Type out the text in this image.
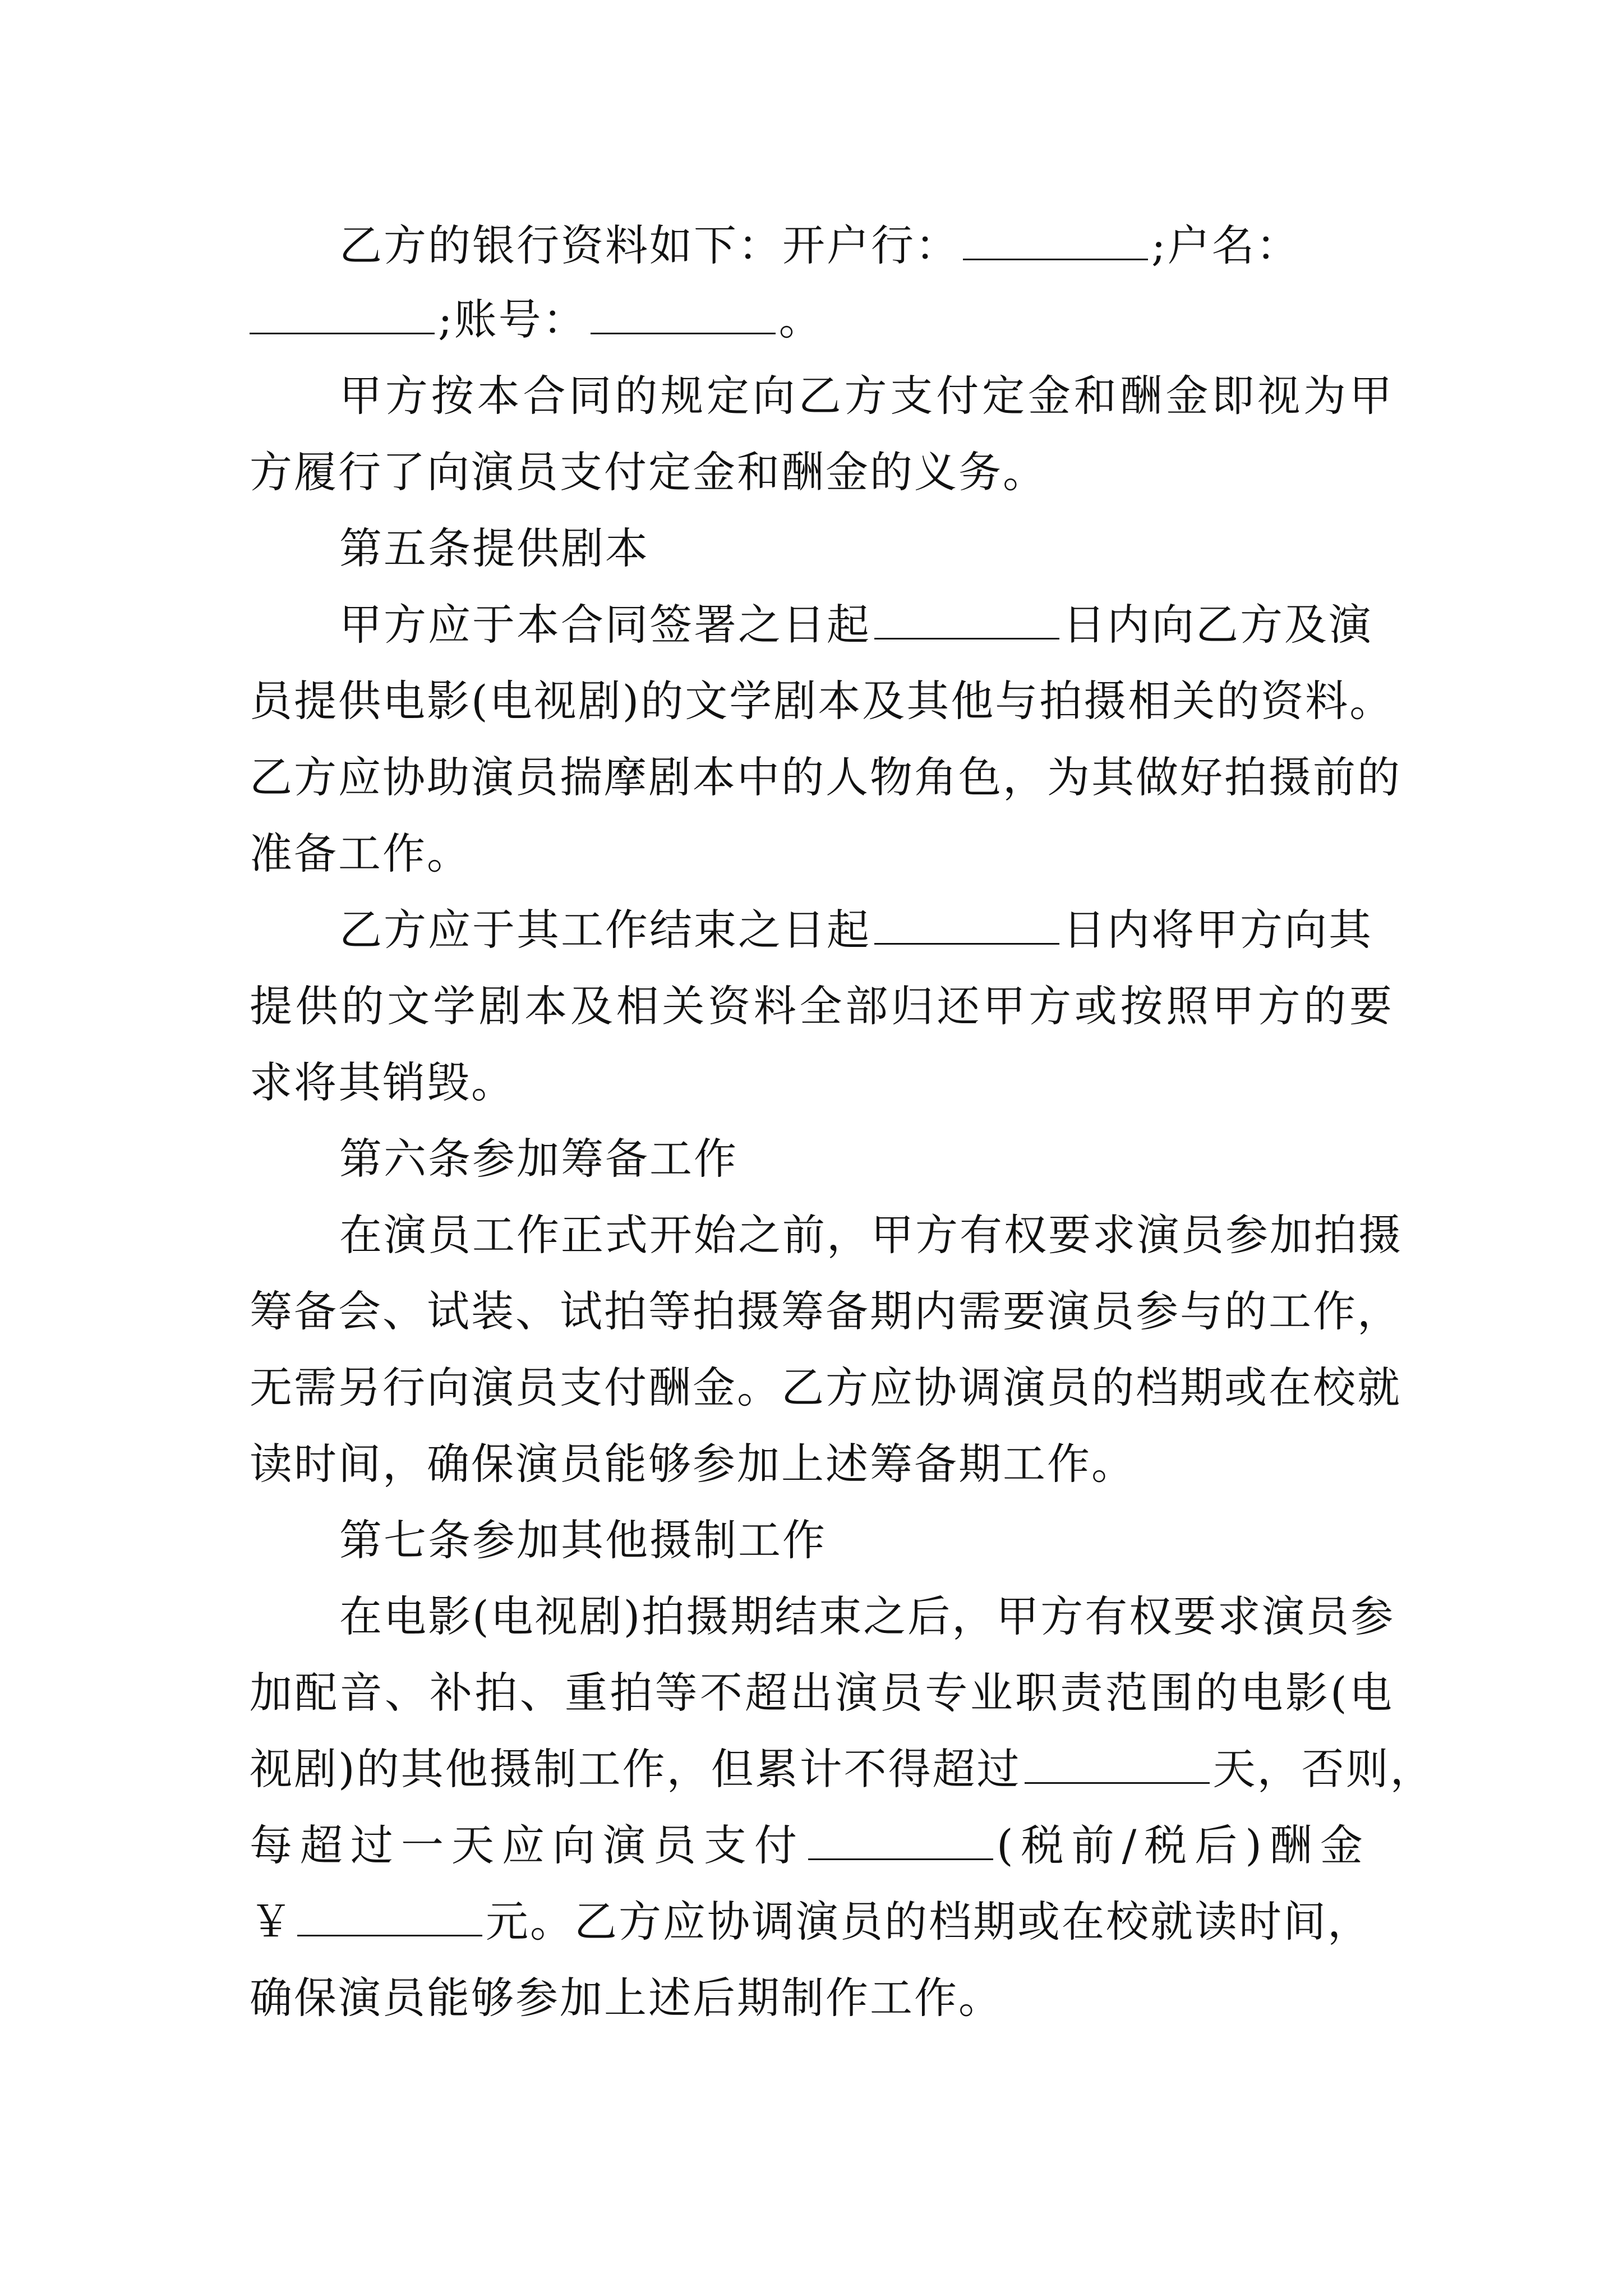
乙方的银行资料如下：开户行：	;户名：
;账号：	。
甲方按本合同的规定向乙方支付定金和酬金即视为甲
方履行了向演员支付定金和酬金的义务。
第五条提供剧本
甲方应于本合同签署之日起	日内向乙方及演
员提供电影(电视剧)的文学剧本及其他与拍摄相关的资料。
乙方应协助演员揣摩剧本中的人物角色，为其做好拍摄前的
准备工作。
乙方应于其工作结束之日起	日内将甲方向其
提供的文学剧本及相关资料全部归还甲方或按照甲方的要
求将其销毁。
第六条参加筹备工作
在演员工作正式开始之前，甲方有权要求演员参加拍摄
筹备会、试装、试拍等拍摄筹备期内需要演员参与的工作，
无需另行向演员支付酬金。乙方应协调演员的档期或在校就
读时间，确保演员能够参加上述筹备期工作。
第七条参加其他摄制工作
在电影(电视剧)拍摄期结束之后，甲方有权要求演员参
加配音、补拍、重拍等不超出演员专业职责范围的电影(电
视剧)的其他摄制工作，但累计不得超过	天，否则，
每超过一天应向演员支付	(税前/税后)酬金
￥	元。乙方应协调演员的档期或在校就读时间，
确保演员能够参加上述后期制作工作。
